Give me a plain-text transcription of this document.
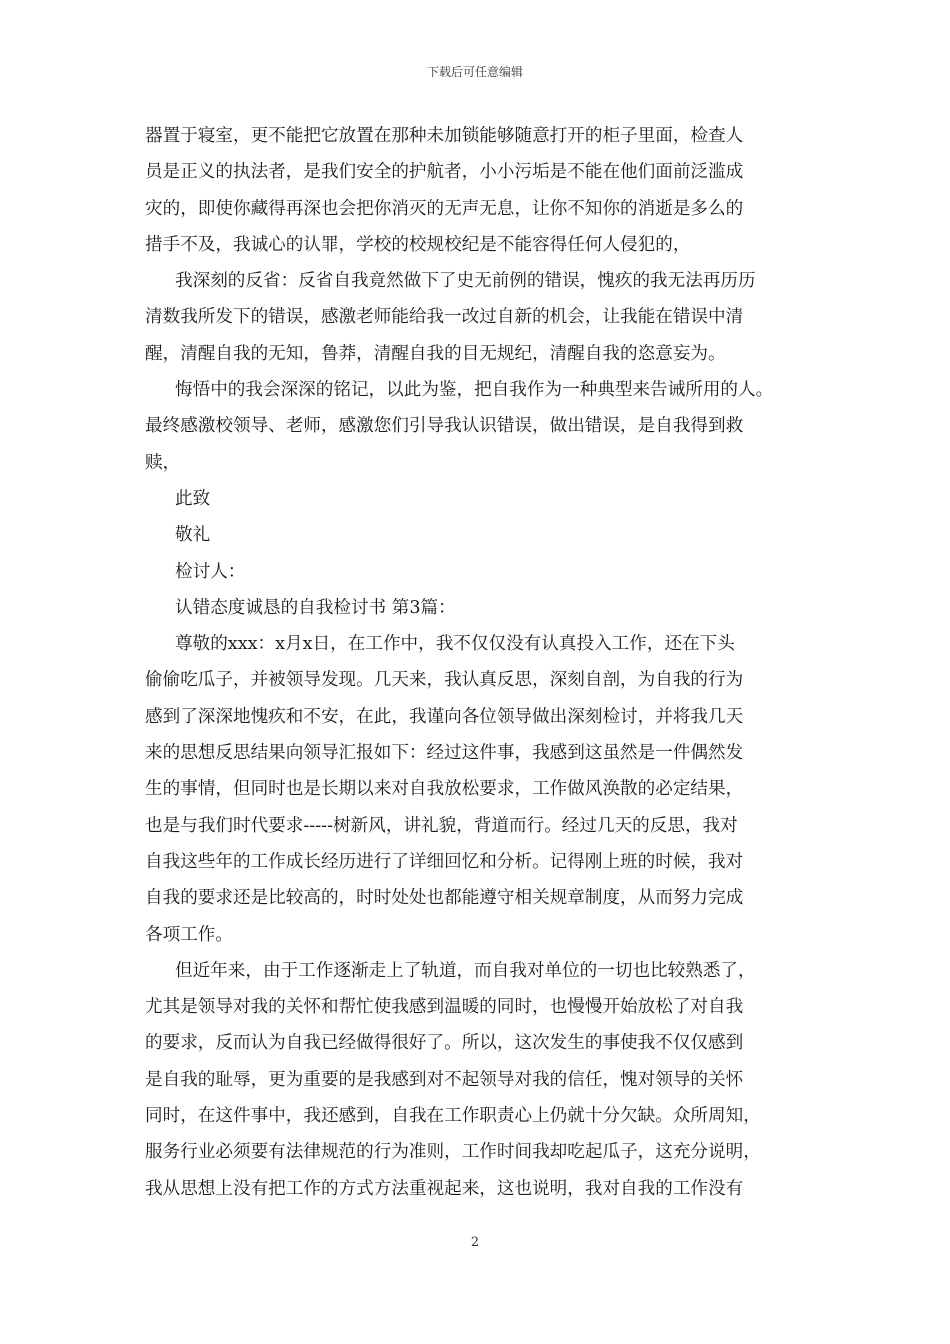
下载后可任意编辑
器置于寝室，更不能把它放置在那种未加锁能够随意打开的柜子里面，检查人
员是正义的执法者，是我们安全的护航者，小小污垢是不能在他们面前泛滥成
灾的，即使你藏得再深也会把你消灭的无声无息，让你不知你的消逝是多么的
措手不及，我诚心的认罪，学校的校规校纪是不能容得任何人侵犯的，
我深刻的反省：反省自我竟然做下了史无前例的错误，愧疚的我无法再历历
清数我所发下的错误，感激老师能给我一改过自新的机会，让我能在错误中清
醒，清醒自我的无知，鲁莽，清醒自我的目无规纪，清醒自我的恣意妄为。
悔悟中的我会深深的铭记，以此为鉴，把自我作为一种典型来告诫所用的人。
最终感激校领导、老师，感激您们引导我认识错误，做出错误，是自我得到救
赎，
此致
敬礼
检讨人：
认错态度诚恳的自我检讨书 第3篇：
尊敬的xxx：x月x日，在工作中，我不仅仅没有认真投入工作，还在下头
偷偷吃瓜子，并被领导发现。几天来，我认真反思，深刻自剖，为自我的行为
感到了深深地愧疚和不安，在此，我谨向各位领导做出深刻检讨，并将我几天
来的思想反思结果向领导汇报如下：经过这件事，我感到这虽然是一件偶然发
生的事情，但同时也是长期以来对自我放松要求，工作做风涣散的必定结果，
也是与我们时代要求-----树新风，讲礼貌，背道而行。经过几天的反思，我对
自我这些年的工作成长经历进行了详细回忆和分析。记得刚上班的时候，我对
自我的要求还是比较高的，时时处处也都能遵守相关规章制度，从而努力完成
各项工作。
但近年来，由于工作逐渐走上了轨道，而自我对单位的一切也比较熟悉了，
尤其是领导对我的关怀和帮忙使我感到温暖的同时，也慢慢开始放松了对自我
的要求，反而认为自我已经做得很好了。所以，这次发生的事使我不仅仅感到
是自我的耻辱，更为重要的是我感到对不起领导对我的信任，愧对领导的关怀
同时，在这件事中，我还感到，自我在工作职责心上仍就十分欠缺。众所周知，
服务行业必须要有法律规范的行为准则，工作时间我却吃起瓜子，这充分说明，
我从思想上没有把工作的方式方法重视起来，这也说明，我对自我的工作没有
2
